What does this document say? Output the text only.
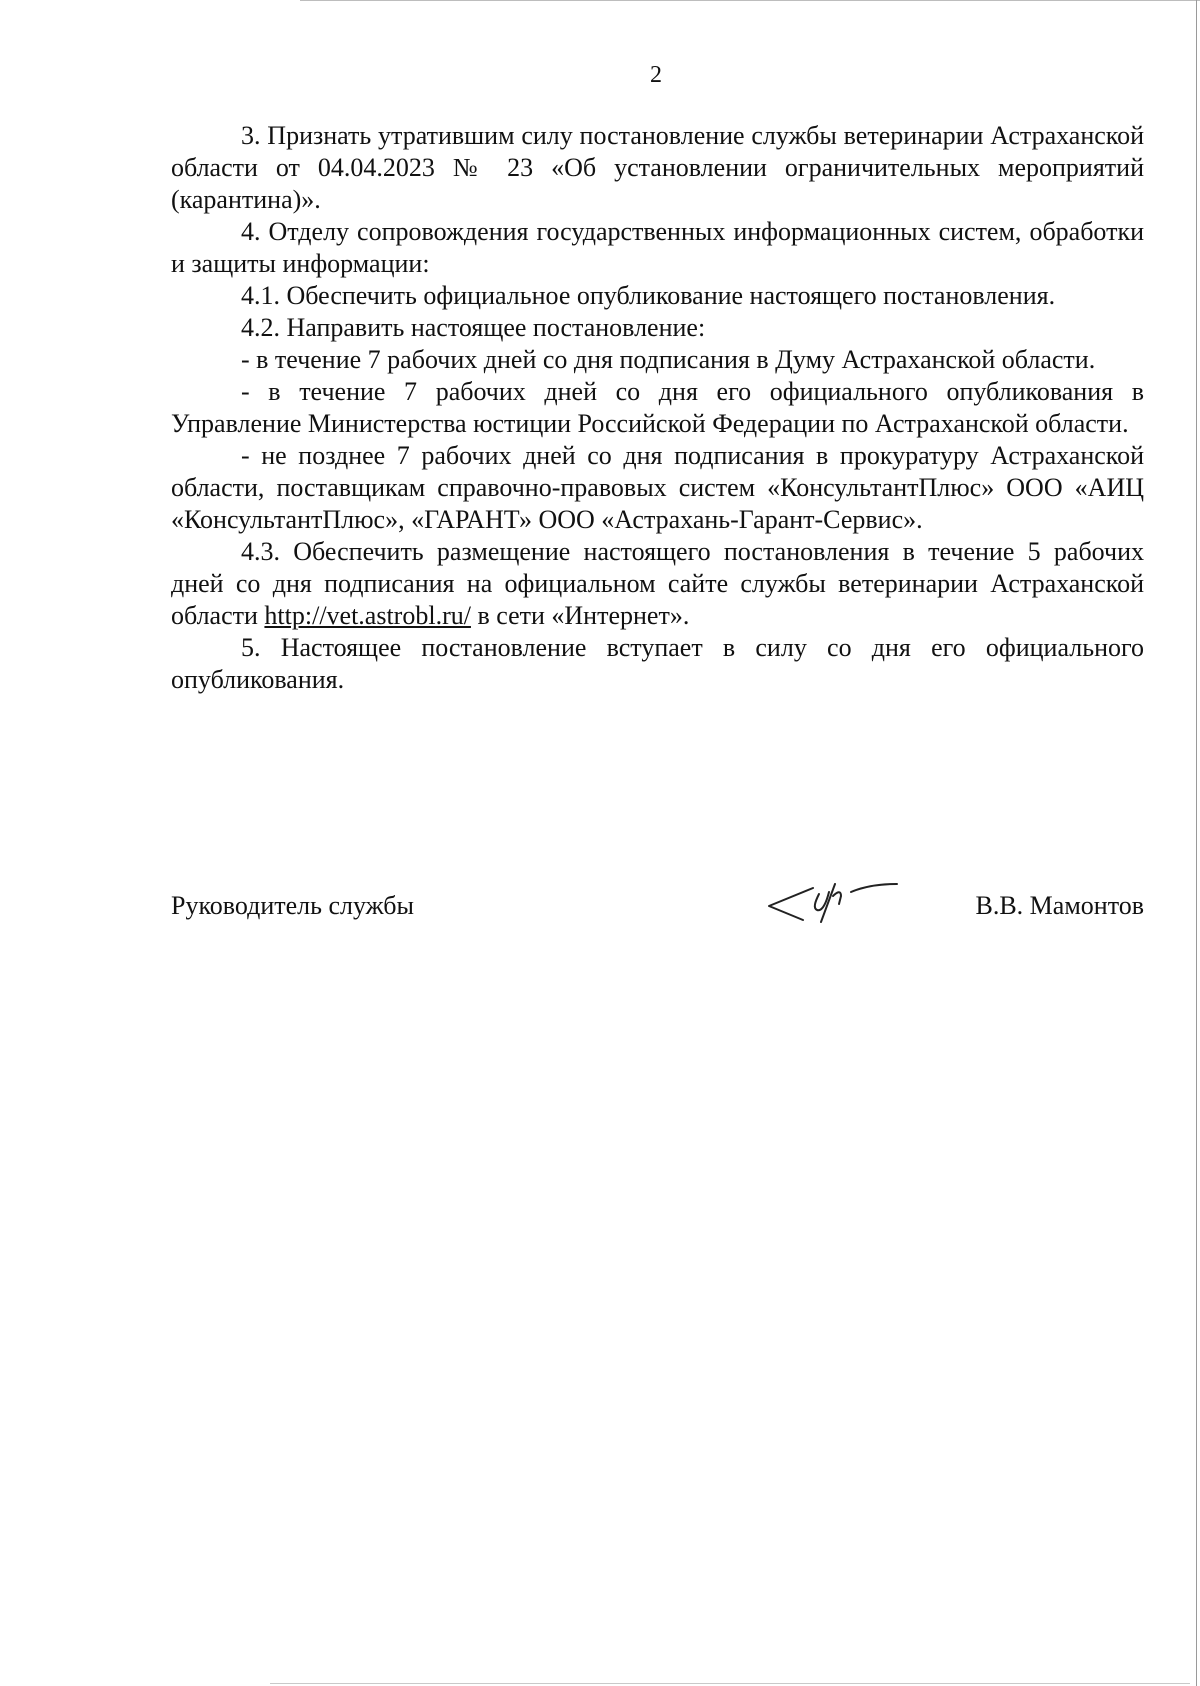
2

3. Признать утратившим силу постановление службы ветеринарии Астраханской области от 04.04.2023 № 23 «Об установлении ограничительных мероприятий (карантина)».

4. Отделу сопровождения государственных информационных систем, обработки и защиты информации:

4.1. Обеспечить официальное опубликование настоящего постановления.

4.2. Направить настоящее постановление:

- в течение 7 рабочих дней со дня подписания в Думу Астраханской области.

- в течение 7 рабочих дней со дня его официального опубликования в Управление Министерства юстиции Российской Федерации по Астраханской области.

- не позднее 7 рабочих дней со дня подписания в прокуратуру Астраханской области, поставщикам справочно-правовых систем «КонсультантПлюс» ООО «АИЦ «КонсультантПлюс», «ГАРАНТ» ООО «Астрахань-Гарант-Сервис».

4.3. Обеспечить размещение настоящего постановления в течение 5 рабочих дней со дня подписания на официальном сайте службы ветеринарии Астраханской области http://vet.astrobl.ru/ в сети «Интернет».

5. Настоящее постановление вступает в силу со дня его официального опубликования.

Руководитель службы	В.В. Мамонтов
